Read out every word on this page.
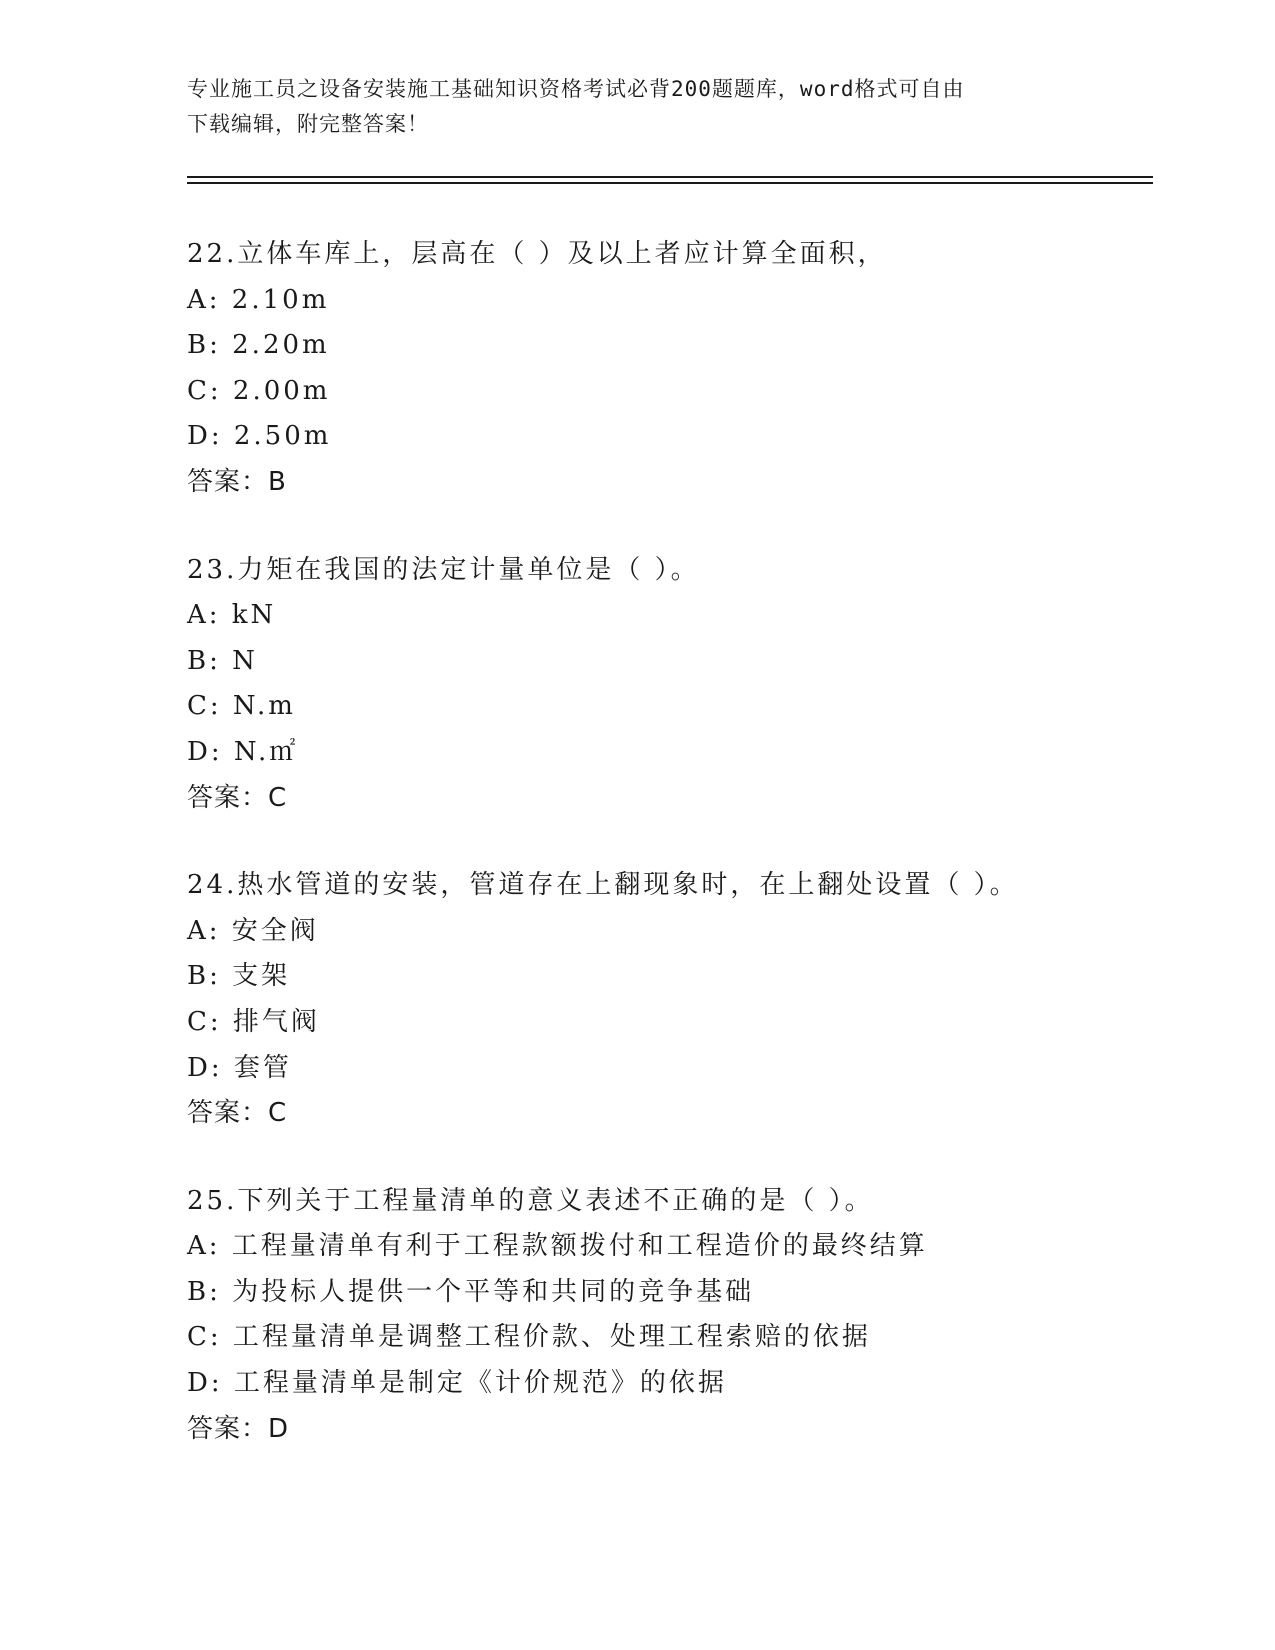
专业施工员之设备安装施工基础知识资格考试必背200题题库，word格式可自由
下载编辑，附完整答案！
22.立体车库上，层高在（ ）及以上者应计算全面积，
A: 2.10m
B: 2.20m
C: 2.00m
D: 2.50m
答案：B
23.力矩在我国的法定计量单位是（ ）。
A: kN
B: N
C: N.m
D: N.㎡
答案：C
24.热水管道的安装，管道存在上翻现象时，在上翻处设置（ ）。
A: 安全阀
B: 支架
C: 排气阀
D: 套管
答案：C
25.下列关于工程量清单的意义表述不正确的是（ ）。
A: 工程量清单有利于工程款额拨付和工程造价的最终结算
B: 为投标人提供一个平等和共同的竞争基础
C: 工程量清单是调整工程价款、处理工程索赔的依据
D: 工程量清单是制定《计价规范》的依据
答案：D
